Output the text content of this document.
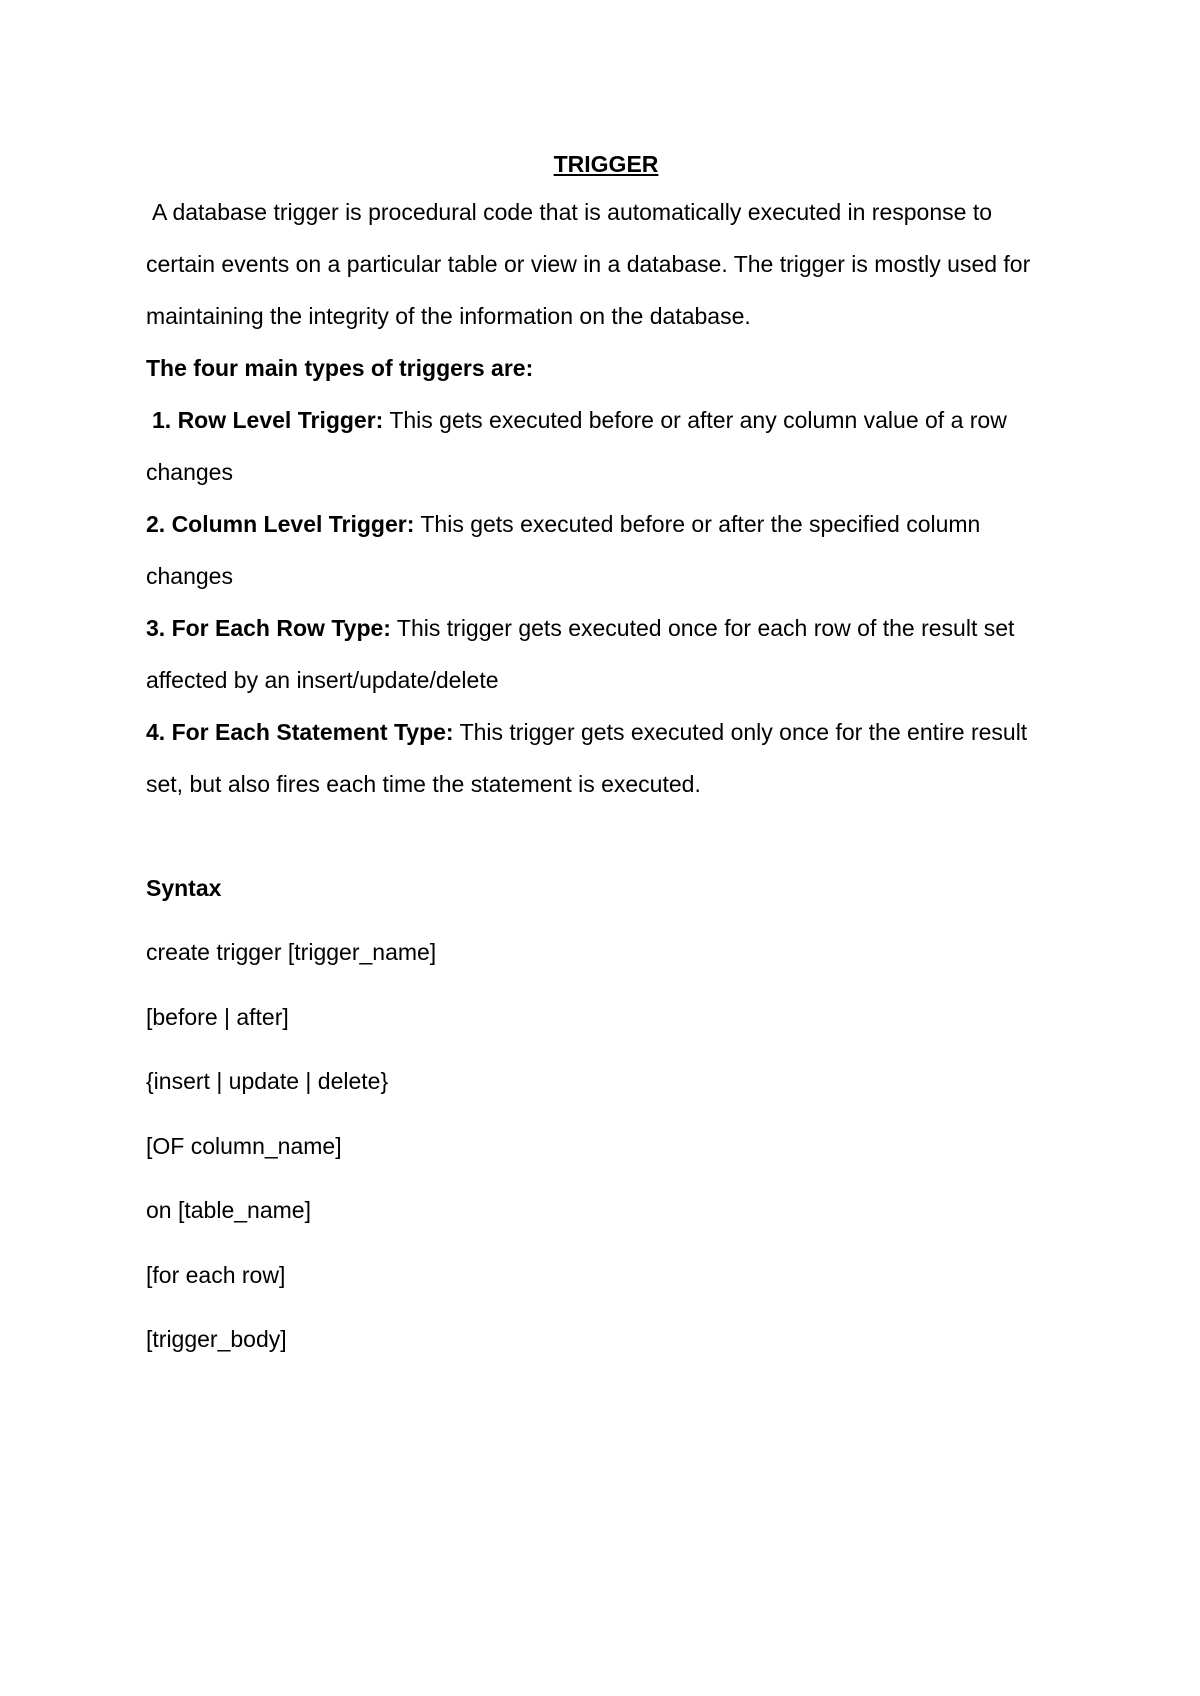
TRIGGER

A database trigger is procedural code that is automatically executed in response to certain events on a particular table or view in a database. The trigger is mostly used for maintaining the integrity of the information on the database.

The four main types of triggers are:

1. Row Level Trigger: This gets executed before or after any column value of a row changes

2. Column Level Trigger: This gets executed before or after the specified column changes

3. For Each Row Type: This trigger gets executed once for each row of the result set affected by an insert/update/delete

4. For Each Statement Type: This trigger gets executed only once for the entire result set, but also fires each time the statement is executed.

Syntax

create trigger [trigger_name]
[before | after]
{insert | update | delete}
[OF column_name]
on [table_name]
[for each row]
[trigger_body]
